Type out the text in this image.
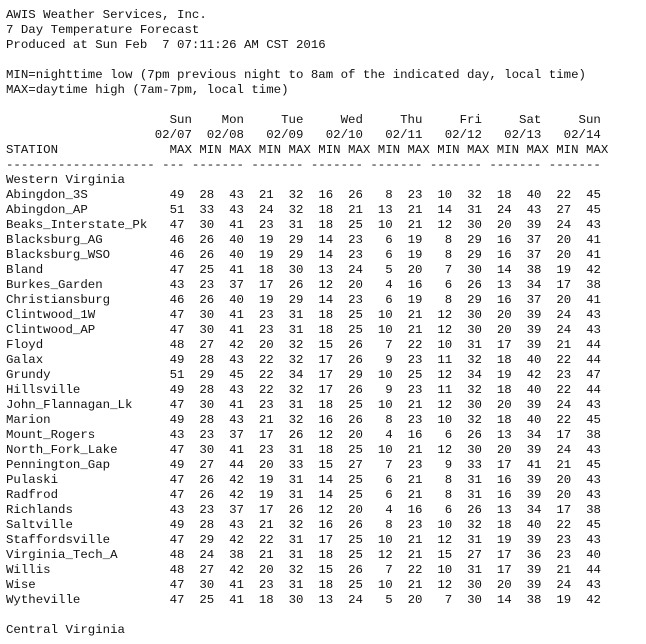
AWIS Weather Services, Inc.
7 Day Temperature Forecast
Produced at Sun Feb  7 07:11:26 AM CST 2016
MIN=nighttime low (7pm previous night to 8am of the indicated day, local time)
MAX=daytime high (7am-7pm, local time)
Sun    Mon     Tue     Wed     Thu     Fri     Sat     Sun
02/07  02/08   02/09   02/10   02/11   02/12   02/13   02/14
STATION               MAX MIN MAX MIN MAX MIN MAX MIN MAX MIN MAX MIN MAX MIN MAX
-------------------- --- ------- ------- ------- ------- ------- ------- -------
Western Virginia
Abingdon_3S           49  28  43  21  32  16  26   8  23  10  32  18  40  22  45
Abingdon_AP           51  33  43  24  32  18  21  13  21  14  31  24  43  27  45
Beaks_Interstate_Pk   47  30  41  23  31  18  25  10  21  12  30  20  39  24  43
Blacksburg_AG         46  26  40  19  29  14  23   6  19   8  29  16  37  20  41
Blacksburg_WSO        46  26  40  19  29  14  23   6  19   8  29  16  37  20  41
Bland                 47  25  41  18  30  13  24   5  20   7  30  14  38  19  42
Burkes_Garden         43  23  37  17  26  12  20   4  16   6  26  13  34  17  38
Christiansburg        46  26  40  19  29  14  23   6  19   8  29  16  37  20  41
Clintwood_1W          47  30  41  23  31  18  25  10  21  12  30  20  39  24  43
Clintwood_AP          47  30  41  23  31  18  25  10  21  12  30  20  39  24  43
Floyd                 48  27  42  20  32  15  26   7  22  10  31  17  39  21  44
Galax                 49  28  43  22  32  17  26   9  23  11  32  18  40  22  44
Grundy                51  29  45  22  34  17  29  10  25  12  34  19  42  23  47
Hillsville            49  28  43  22  32  17  26   9  23  11  32  18  40  22  44
John_Flannagan_Lk     47  30  41  23  31  18  25  10  21  12  30  20  39  24  43
Marion                49  28  43  21  32  16  26   8  23  10  32  18  40  22  45
Mount_Rogers          43  23  37  17  26  12  20   4  16   6  26  13  34  17  38
North_Fork_Lake       47  30  41  23  31  18  25  10  21  12  30  20  39  24  43
Pennington_Gap        49  27  44  20  33  15  27   7  23   9  33  17  41  21  45
Pulaski               47  26  42  19  31  14  25   6  21   8  31  16  39  20  43
Radfrod               47  26  42  19  31  14  25   6  21   8  31  16  39  20  43
Richlands             43  23  37  17  26  12  20   4  16   6  26  13  34  17  38
Saltville             49  28  43  21  32  16  26   8  23  10  32  18  40  22  45
Staffordsville        47  29  42  22  31  17  25  10  21  12  31  19  39  23  43
Virginia_Tech_A       48  24  38  21  31  18  25  12  21  15  27  17  36  23  40
Willis                48  27  42  20  32  15  26   7  22  10  31  17  39  21  44
Wise                  47  30  41  23  31  18  25  10  21  12  30  20  39  24  43
Wytheville            47  25  41  18  30  13  24   5  20   7  30  14  38  19  42
Central Virginia
